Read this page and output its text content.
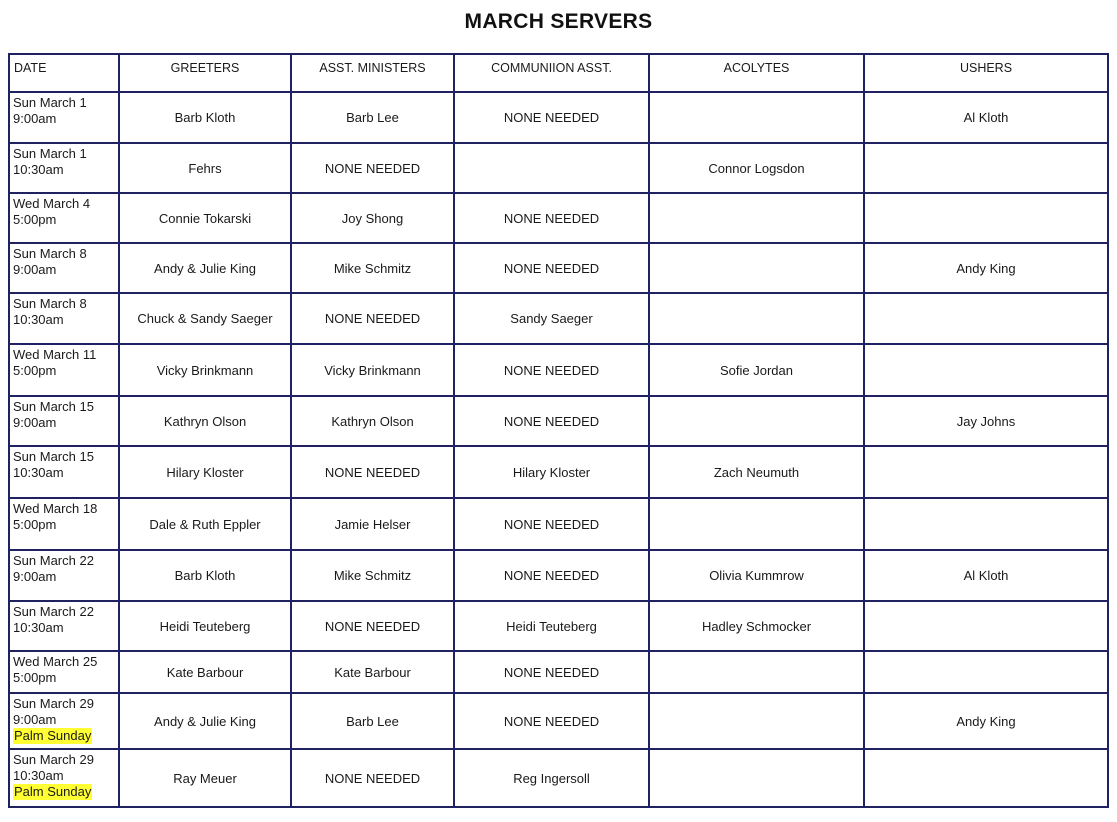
MARCH SERVERS
DATE	GREETERS	ASST. MINISTERS	COMMUNIION ASST.	ACOLYTES	USHERS

Sun March 1
9:00am	Barb Kloth	Barb Lee	NONE NEEDED		Al Kloth

Sun March 1
10:30am	Fehrs	NONE NEEDED		Connor Logsdon	

Wed March 4
5:00pm	Connie Tokarski	Joy Shong	NONE NEEDED		

Sun March 8
9:00am	Andy & Julie King	Mike Schmitz	NONE NEEDED		Andy King

Sun March 8
10:30am	Chuck & Sandy Saeger	NONE NEEDED	Sandy Saeger		

Wed March 11
5:00pm	Vicky Brinkmann	Vicky Brinkmann	NONE NEEDED	Sofie Jordan	

Sun March 15
9:00am	Kathryn Olson	Kathryn Olson	NONE NEEDED		Jay Johns

Sun March 15
10:30am	Hilary Kloster	NONE NEEDED	Hilary Kloster	Zach Neumuth	

Wed March 18
5:00pm	Dale & Ruth Eppler	Jamie Helser	NONE NEEDED		

Sun March 22
9:00am	Barb Kloth	Mike Schmitz	NONE NEEDED	Olivia Kummrow	Al Kloth

Sun March 22
10:30am	Heidi Teuteberg	NONE NEEDED	Heidi Teuteberg	Hadley Schmocker	

Wed March 25
5:00pm	Kate Barbour	Kate Barbour	NONE NEEDED		

Sun March 29
9:00am
Palm Sunday	Andy & Julie King	Barb Lee	NONE NEEDED		Andy King

Sun March 29
10:30am
Palm Sunday	Ray Meuer	NONE NEEDED	Reg Ingersoll		
